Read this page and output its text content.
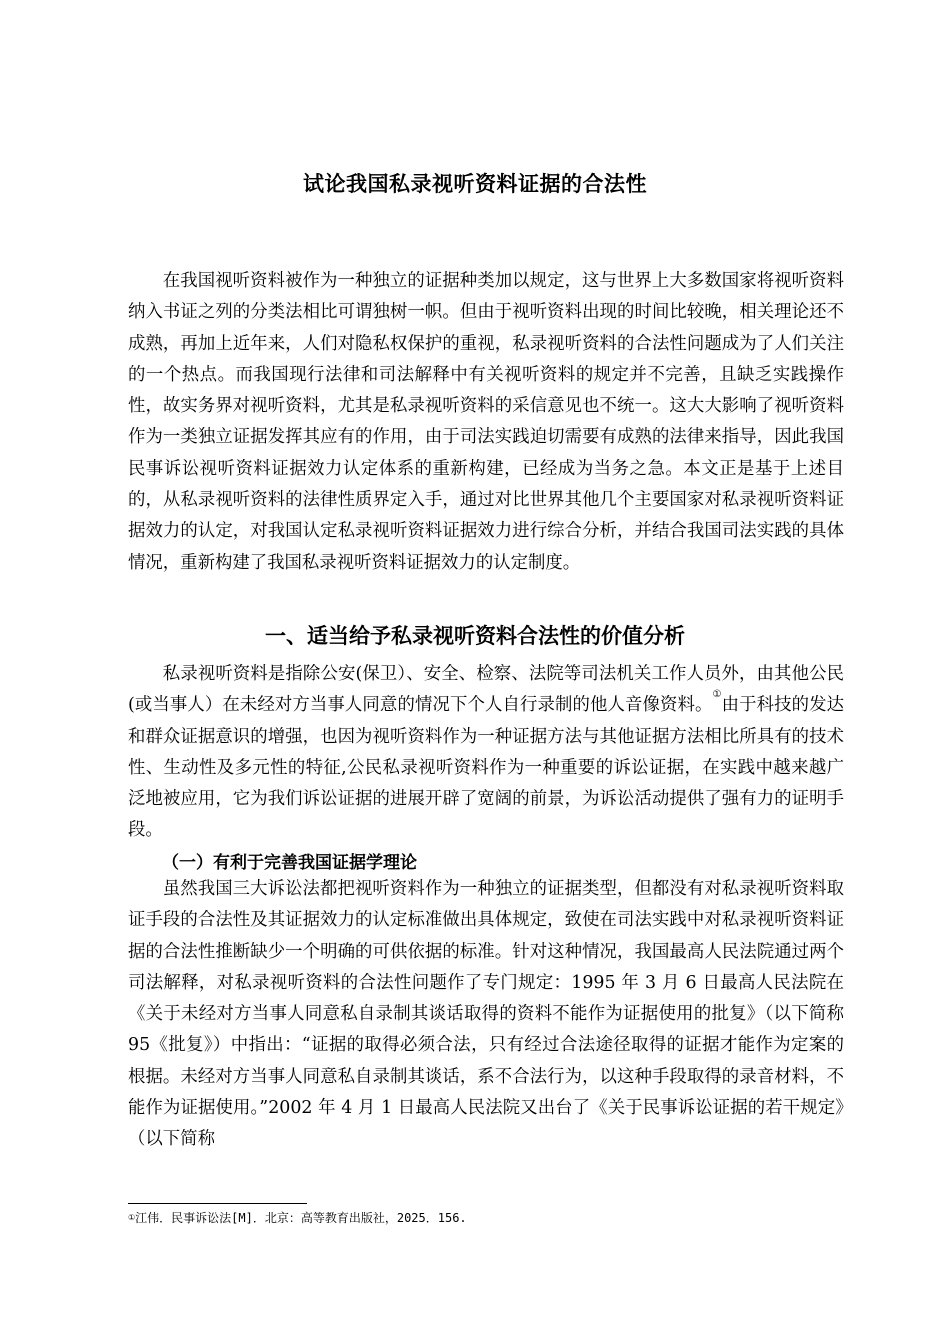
试论我国私录视听资料证据的合法性

在我国视听资料被作为一种独立的证据种类加以规定，这与世界上大多数国家将视听资料纳入书证之列的分类法相比可谓独树一帜。但由于视听资料出现的时间比较晚，相关理论还不成熟，再加上近年来，人们对隐私权保护的重视，私录视听资料的合法性问题成为了人们关注的一个热点。而我国现行法律和司法解释中有关视听资料的规定并不完善，且缺乏实践操作性，故实务界对视听资料，尤其是私录视听资料的采信意见也不统一。这大大影响了视听资料作为一类独立证据发挥其应有的作用，由于司法实践迫切需要有成熟的法律来指导，因此我国民事诉讼视听资料证据效力认定体系的重新构建，已经成为当务之急。本文正是基于上述目的，从私录视听资料的法律性质界定入手，通过对比世界其他几个主要国家对私录视听资料证据效力的认定，对我国认定私录视听资料证据效力进行综合分析，并结合我国司法实践的具体情况，重新构建了我国私录视听资料证据效力的认定制度。

一、适当给予私录视听资料合法性的价值分析

私录视听资料是指除公安(保卫）、安全、检察、法院等司法机关工作人员外，由其他公民(或当事人）在未经对方当事人同意的情况下个人自行录制的他人音像资料。①由于科技的发达和群众证据意识的增强，也因为视听资料作为一种证据方法与其他证据方法相比所具有的技术性、生动性及多元性的特征,公民私录视听资料作为一种重要的诉讼证据，在实践中越来越广泛地被应用，它为我们诉讼证据的进展开辟了宽阔的前景，为诉讼活动提供了强有力的证明手段。

（一）有利于完善我国证据学理论

虽然我国三大诉讼法都把视听资料作为一种独立的证据类型，但都没有对私录视听资料取证手段的合法性及其证据效力的认定标准做出具体规定，致使在司法实践中对私录视听资料证据的合法性推断缺少一个明确的可供依据的标准。针对这种情况，我国最高人民法院通过两个司法解释，对私录视听资料的合法性问题作了专门规定：1995 年 3 月 6 日最高人民法院在《关于未经对方当事人同意私自录制其谈话取得的资料不能作为证据使用的批复》（以下简称 95《批复》）中指出：“证据的取得必须合法，只有经过合法途径取得的证据才能作为定案的根据。未经对方当事人同意私自录制其谈话，系不合法行为，以这种手段取得的录音材料，不能作为证据使用。”2002 年 4 月 1 日最高人民法院又出台了《关于民事诉讼证据的若干规定》（以下简称

①江伟．民事诉讼法[M]．北京：高等教育出版社，2025．156.
